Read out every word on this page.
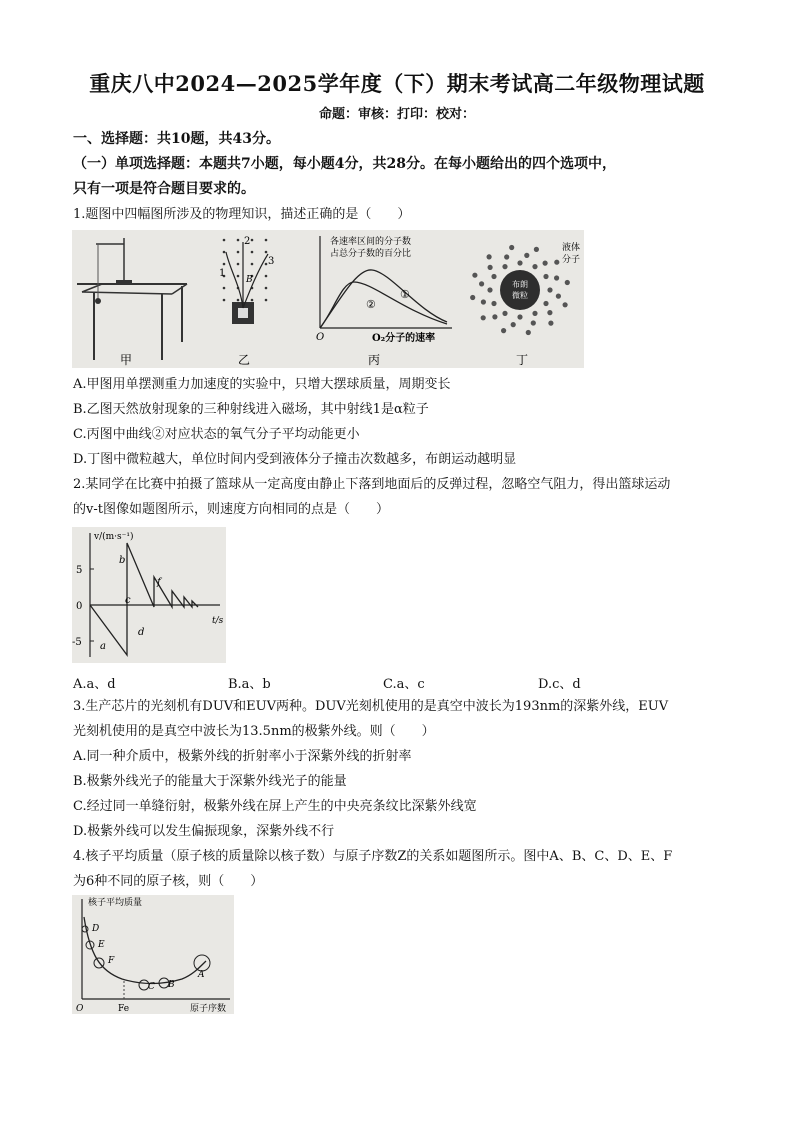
重庆八中2024—2025学年度（下）期末考试高二年级物理试题
命题：审核：打印：校对：
一、选择题：共10题，共43分。
（一）单项选择题：本题共7小题，每小题4分，共28分。在每小题给出的四个选项中，
只有一项是符合题目要求的。
1.题图中四幅图所涉及的物理知识，描述正确的是（　　）
1
2
3
B
各速率区间的分子数
占总分子数的百分比
O₂分子的速率
O
①
②
布朗
微粒
液体
分子
甲	乙	丙	丁
A.甲图用单摆测重力加速度的实验中，只增大摆球质量，周期变长
B.乙图天然放射现象的三种射线进入磁场，其中射线1是α粒子
C.丙图中曲线②对应状态的氧气分子平均动能更小
D.丁图中微粒越大，单位时间内受到液体分子撞击次数越多，布朗运动越明显
2.某同学在比赛中拍摄了篮球从一定高度由静止下落到地面后的反弹过程，忽略空气阻力，得出篮球运动
的v-t图像如题图所示，则速度方向相同的点是（　　）
v/(m·s⁻¹)
t/s
5
0
-5 a
b
c
d
f
A.a、d	B.a、b	C.a、c	D.c、d
3.生产芯片的光刻机有DUV和EUV两种。DUV光刻机使用的是真空中波长为193nm的深紫外线，EUV
光刻机使用的是真空中波长为13.5nm的极紫外线。则（　　）
A.同一种介质中，极紫外线的折射率小于深紫外线的折射率
B.极紫外线光子的能量大于深紫外线光子的能量
C.经过同一单缝衍射，极紫外线在屏上产生的中央亮条纹比深紫外线宽
D.极紫外线可以发生偏振现象，深紫外线不行
4.核子平均质量（原子核的质量除以核子数）与原子序数Z的关系如题图所示。图中A、B、C、D、E、F
为6种不同的原子核，则（　　）
核子平均质量
原子序数
O	Fe
D
E
F
C B
A
